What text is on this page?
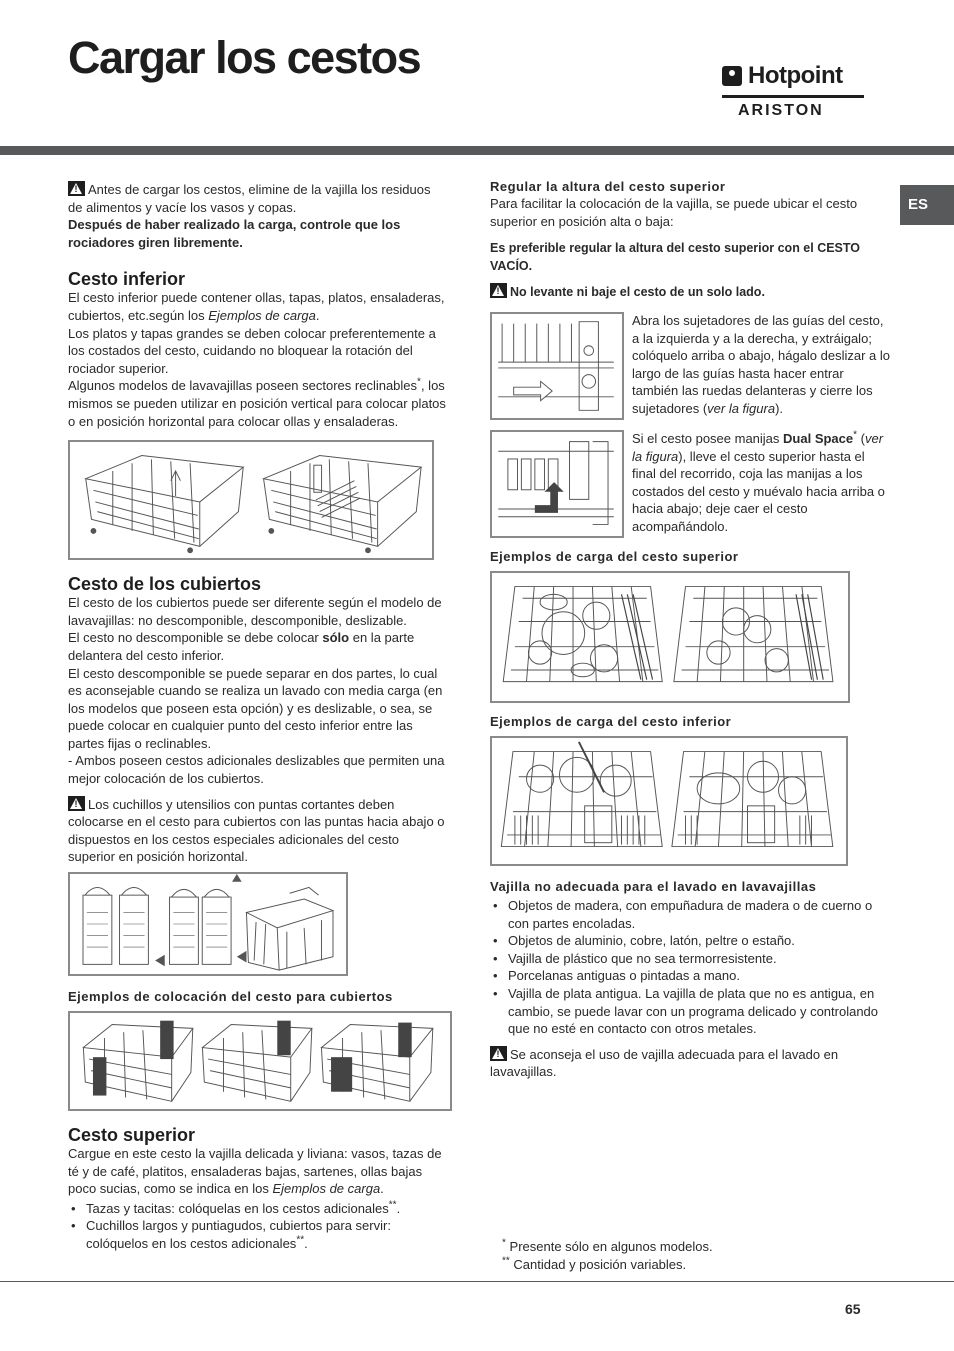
Cargar los cestos	Hotpoint
ARISTON
ES

!Antes de cargar los cestos, elimine de la vajilla los residuos de alimentos y vacíe los vasos y copas.
Después de haber realizado la carga, controle que los rociadores giren libremente.

Cesto inferior

El cesto inferior puede contener ollas, tapas, platos, ensaladeras, cubiertos, etc.según los Ejemplos de carga.

Los platos y tapas grandes se deben colocar preferentemente a los costados del cesto, cuidando no bloquear la rotación del rociador superior.

Algunos modelos de lavavajillas poseen sectores reclinables*, los mismos se pueden utilizar en posición vertical para colocar platos o en posición horizontal para colocar ollas y ensaladeras.

Cesto de los cubiertos

El cesto de los cubiertos puede ser diferente según el modelo de lavavajillas: no descomponible, descomponible, deslizable.

El cesto no descomponible se debe colocar sólo en la parte delantera del cesto inferior.

El cesto descomponible se puede separar en dos partes, lo cual es aconsejable cuando se realiza un lavado con media carga (en los modelos que poseen esta opción) y es deslizable, o sea, se puede colocar en cualquier punto del cesto inferior entre las partes fijas o reclinables.

- Ambos poseen cestos adicionales deslizables que permiten una mejor colocación de los cubiertos.

!Los cuchillos y utensilios con puntas cortantes deben colocarse en el cesto para cubiertos con las puntas hacia abajo o dispuestos en los cestos especiales adicionales del cesto superior en posición horizontal.

Ejemplos de colocación del cesto para cubiertos
Cesto superior

Cargue en este cesto la vajilla delicada y liviana: vasos, tazas de té y de café, platitos, ensaladeras bajas, sartenes, ollas bajas poco sucias, como se indica en los Ejemplos de carga.

• Tazas y tacitas: colóquelas en los cestos adicionales**.
• Cuchillos largos y puntiagudos, cubiertos para servir: colóquelos en los cestos adicionales**.
Regular la altura del cesto superior

Para facilitar la colocación de la vajilla, se puede ubicar el cesto superior en posición alta o baja:

Es preferible regular la altura del cesto superior con el CESTO VACÍO.

!No levante ni baje el cesto de un solo lado.

Abra los sujetadores de las guías del cesto, a la izquierda y a la derecha, y extráigalo; colóquelo arriba o abajo, hágalo deslizar a lo largo de las guías hasta hacer entrar también las ruedas delanteras y cierre los sujetadores (ver la figura).

Si el cesto posee manijas Dual Space* (ver la figura), lleve el cesto superior hasta el final del recorrido, coja las manijas a los costados del cesto y muévalo hacia arriba o hacia abajo; deje caer el cesto acompañándolo.

Ejemplos de carga del cesto superior
Ejemplos de carga del cesto inferior
Vajilla no adecuada para el lavado en lavavajillas
• Objetos de madera, con empuñadura de madera o de cuerno o con partes encoladas.
• Objetos de aluminio, cobre, latón, peltre o estaño.
• Vajilla de plástico que no sea termorresistente.
• Porcelanas antiguas o pintadas a mano.
• Vajilla de plata antigua. La vajilla de plata que no es antigua, en cambio, se puede lavar con un programa delicado y controlando que no esté en contacto con otros metales.

!Se aconseja el uso de vajilla adecuada para el lavado en lavavajillas.

* Presente sólo en algunos modelos.

** Cantidad y posición variables.

65
